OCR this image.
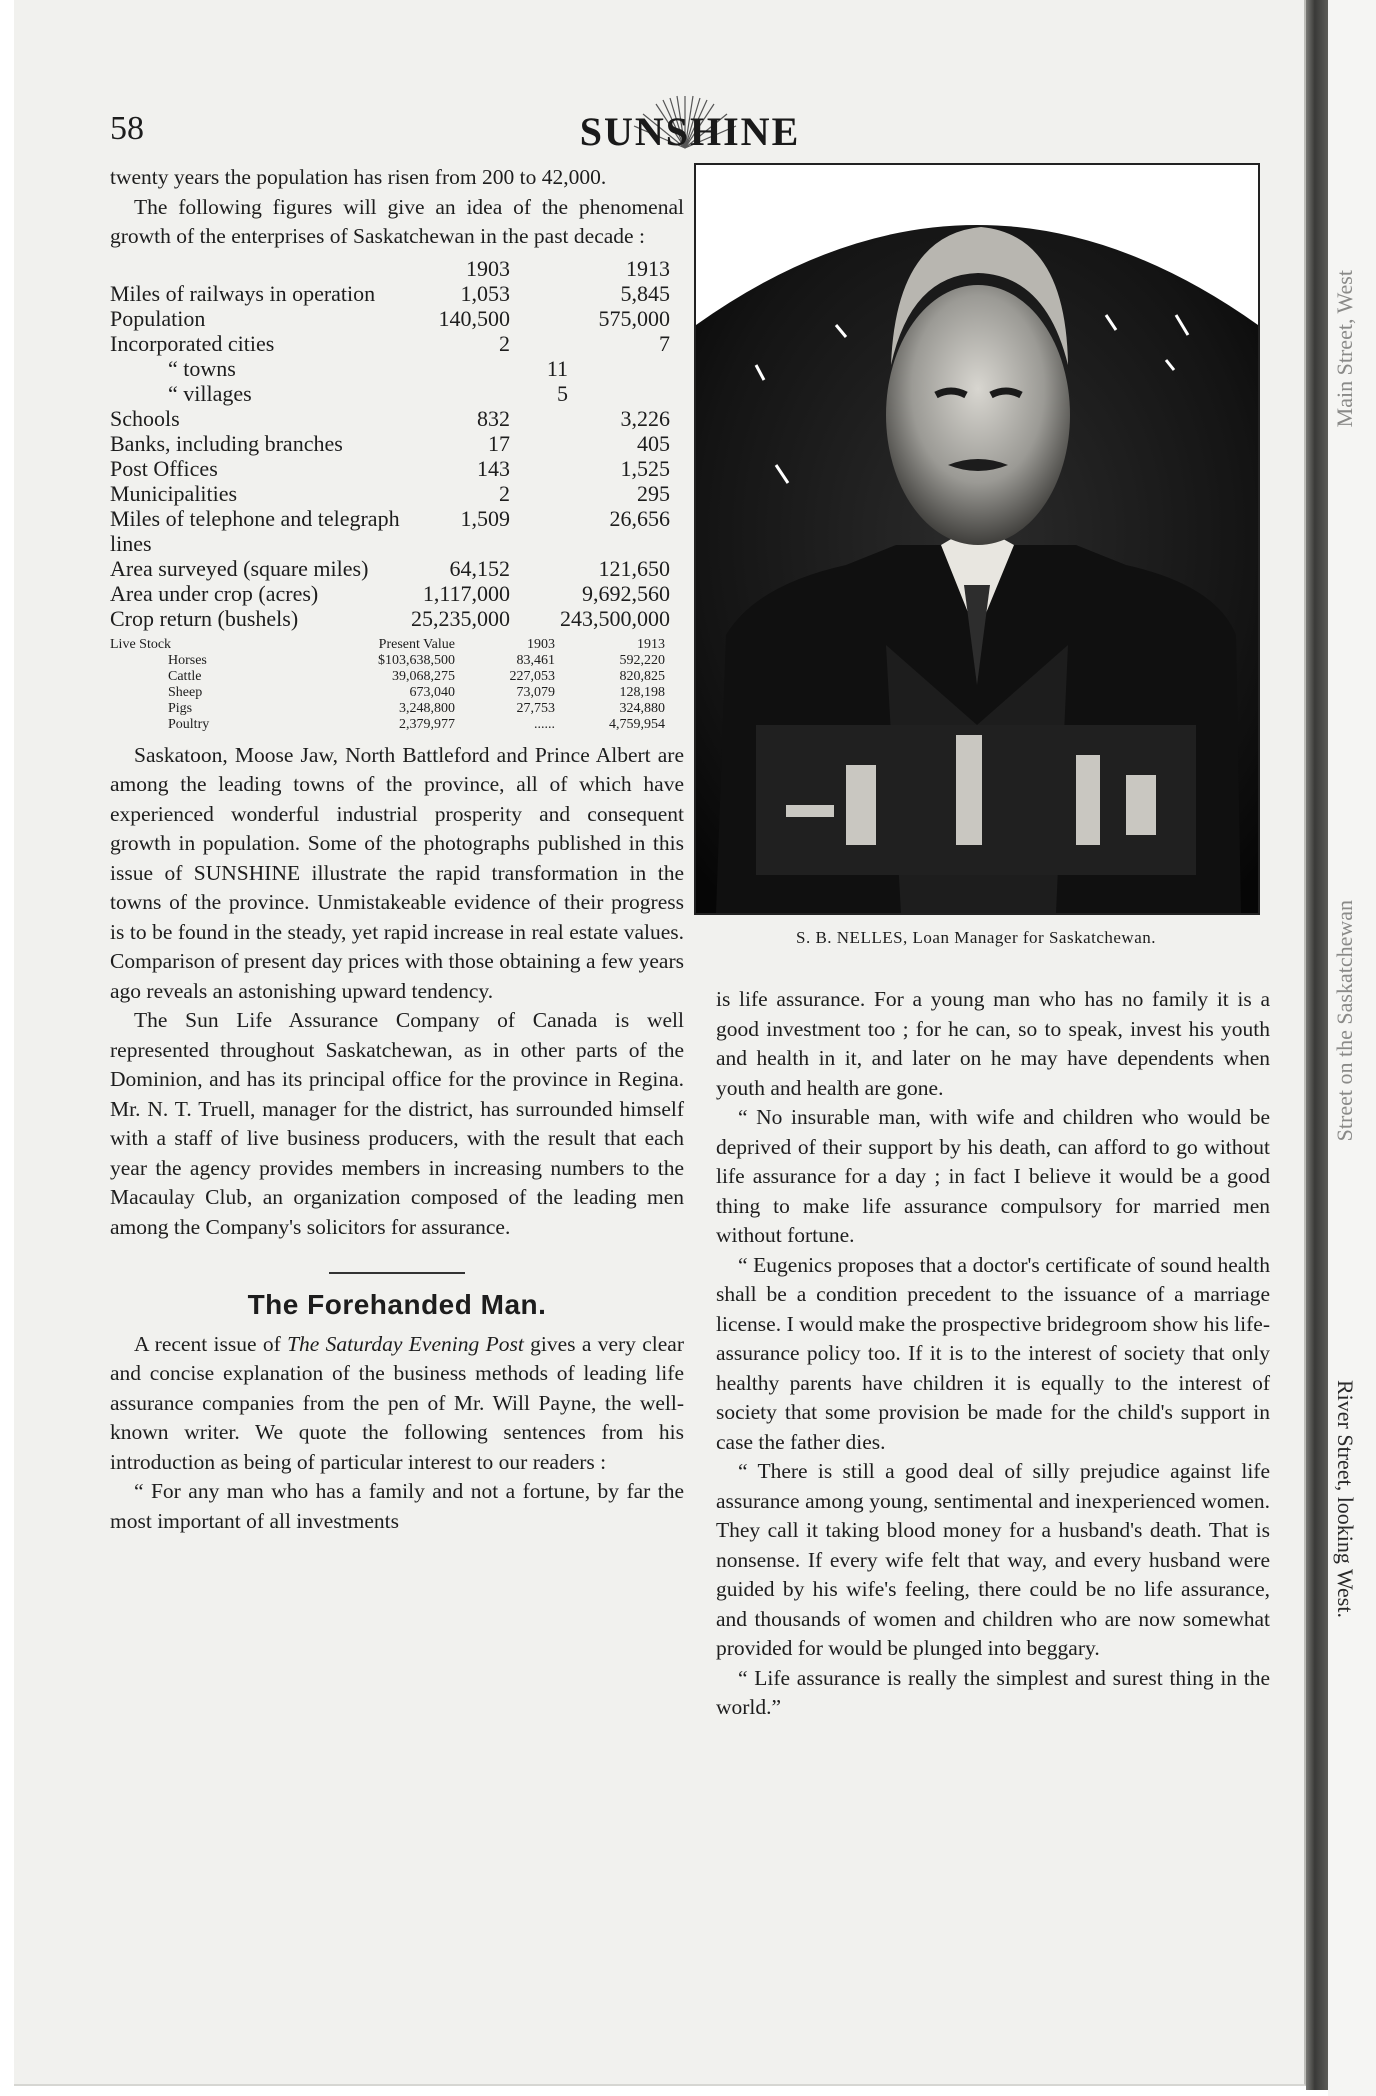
Main Street, West
Street on the Saskatchewan
River Street, looking West.
58	SUNSHINE

twenty years the population has risen from 200 to 42,000.

The following figures will give an idea of the phenomenal growth of the enterprises of Saskatchewan in the past decade :

1903	1913
Miles of railways in operation	1,053	5,845
Population	140,500	575,000
Incorporated cities	2	7
“ towns	11
“ villages	5
Schools	832	3,226
Banks, including branches	17	405
Post Offices	143	1,525
Municipalities	2	295
Miles of telephone and telegraph lines
1,509	26,656
Area surveyed (square miles)	64,152	121,650
Area under crop (acres)	1,117,000	9,692,560
Crop return (bushels)	25,235,000	243,500,000
Live Stock	Present Value	1903	1913
Horses	$103,638,500	83,461	592,220
Cattle	39,068,275	227,053	820,825
Sheep	673,040	73,079	128,198
Pigs	3,248,800	27,753	324,880
Poultry	2,379,977	......	4,759,954

Saskatoon, Moose Jaw, North Battleford and Prince Albert are among the leading towns of the province, all of which have experienced wonderful industrial prosperity and consequent growth in population. Some of the photographs published in this issue of SUNSHINE illustrate the rapid transformation in the towns of the province. Unmistakeable evidence of their progress is to be found in the steady, yet rapid increase in real estate values. Comparison of present day prices with those obtaining a few years ago reveals an astonishing upward tendency.

The Sun Life Assurance Company of Canada is well represented throughout Saskatchewan, as in other parts of the Dominion, and has its principal office for the province in Regina. Mr. N. T. Truell, manager for the district, has surrounded himself with a staff of live business producers, with the result that each year the agency provides members in increasing numbers to the Macaulay Club, an organization composed of the leading men among the Company's solicitors for assurance.

The Forehanded Man.

A recent issue of The Saturday Evening Post gives a very clear and concise explanation of the business methods of leading life assurance companies from the pen of Mr. Will Payne, the well-known writer. We quote the following sentences from his introduction as being of particular interest to our readers :

“ For any man who has a family and not a fortune, by far the most important of all investments

S. B. NELLES, Loan Manager for Saskatchewan.

is life assurance. For a young man who has no family it is a good investment too ; for he can, so to speak, invest his youth and health in it, and later on he may have dependents when youth and health are gone.

“ No insurable man, with wife and children who would be deprived of their support by his death, can afford to go without life assurance for a day ; in fact I believe it would be a good thing to make life assurance compulsory for married men without fortune.

“ Eugenics proposes that a doctor's certificate of sound health shall be a condition precedent to the issuance of a marriage license. I would make the prospective bridegroom show his life-assurance policy too. If it is to the interest of society that only healthy parents have children it is equally to the interest of society that some provision be made for the child's support in case the father dies.

“ There is still a good deal of silly prejudice against life assurance among young, sentimental and inexperienced women. They call it taking blood money for a husband's death. That is nonsense. If every wife felt that way, and every husband were guided by his wife's feeling, there could be no life assurance, and thousands of women and children who are now somewhat provided for would be plunged into beggary.

“ Life assurance is really the simplest and surest thing in the world.”
